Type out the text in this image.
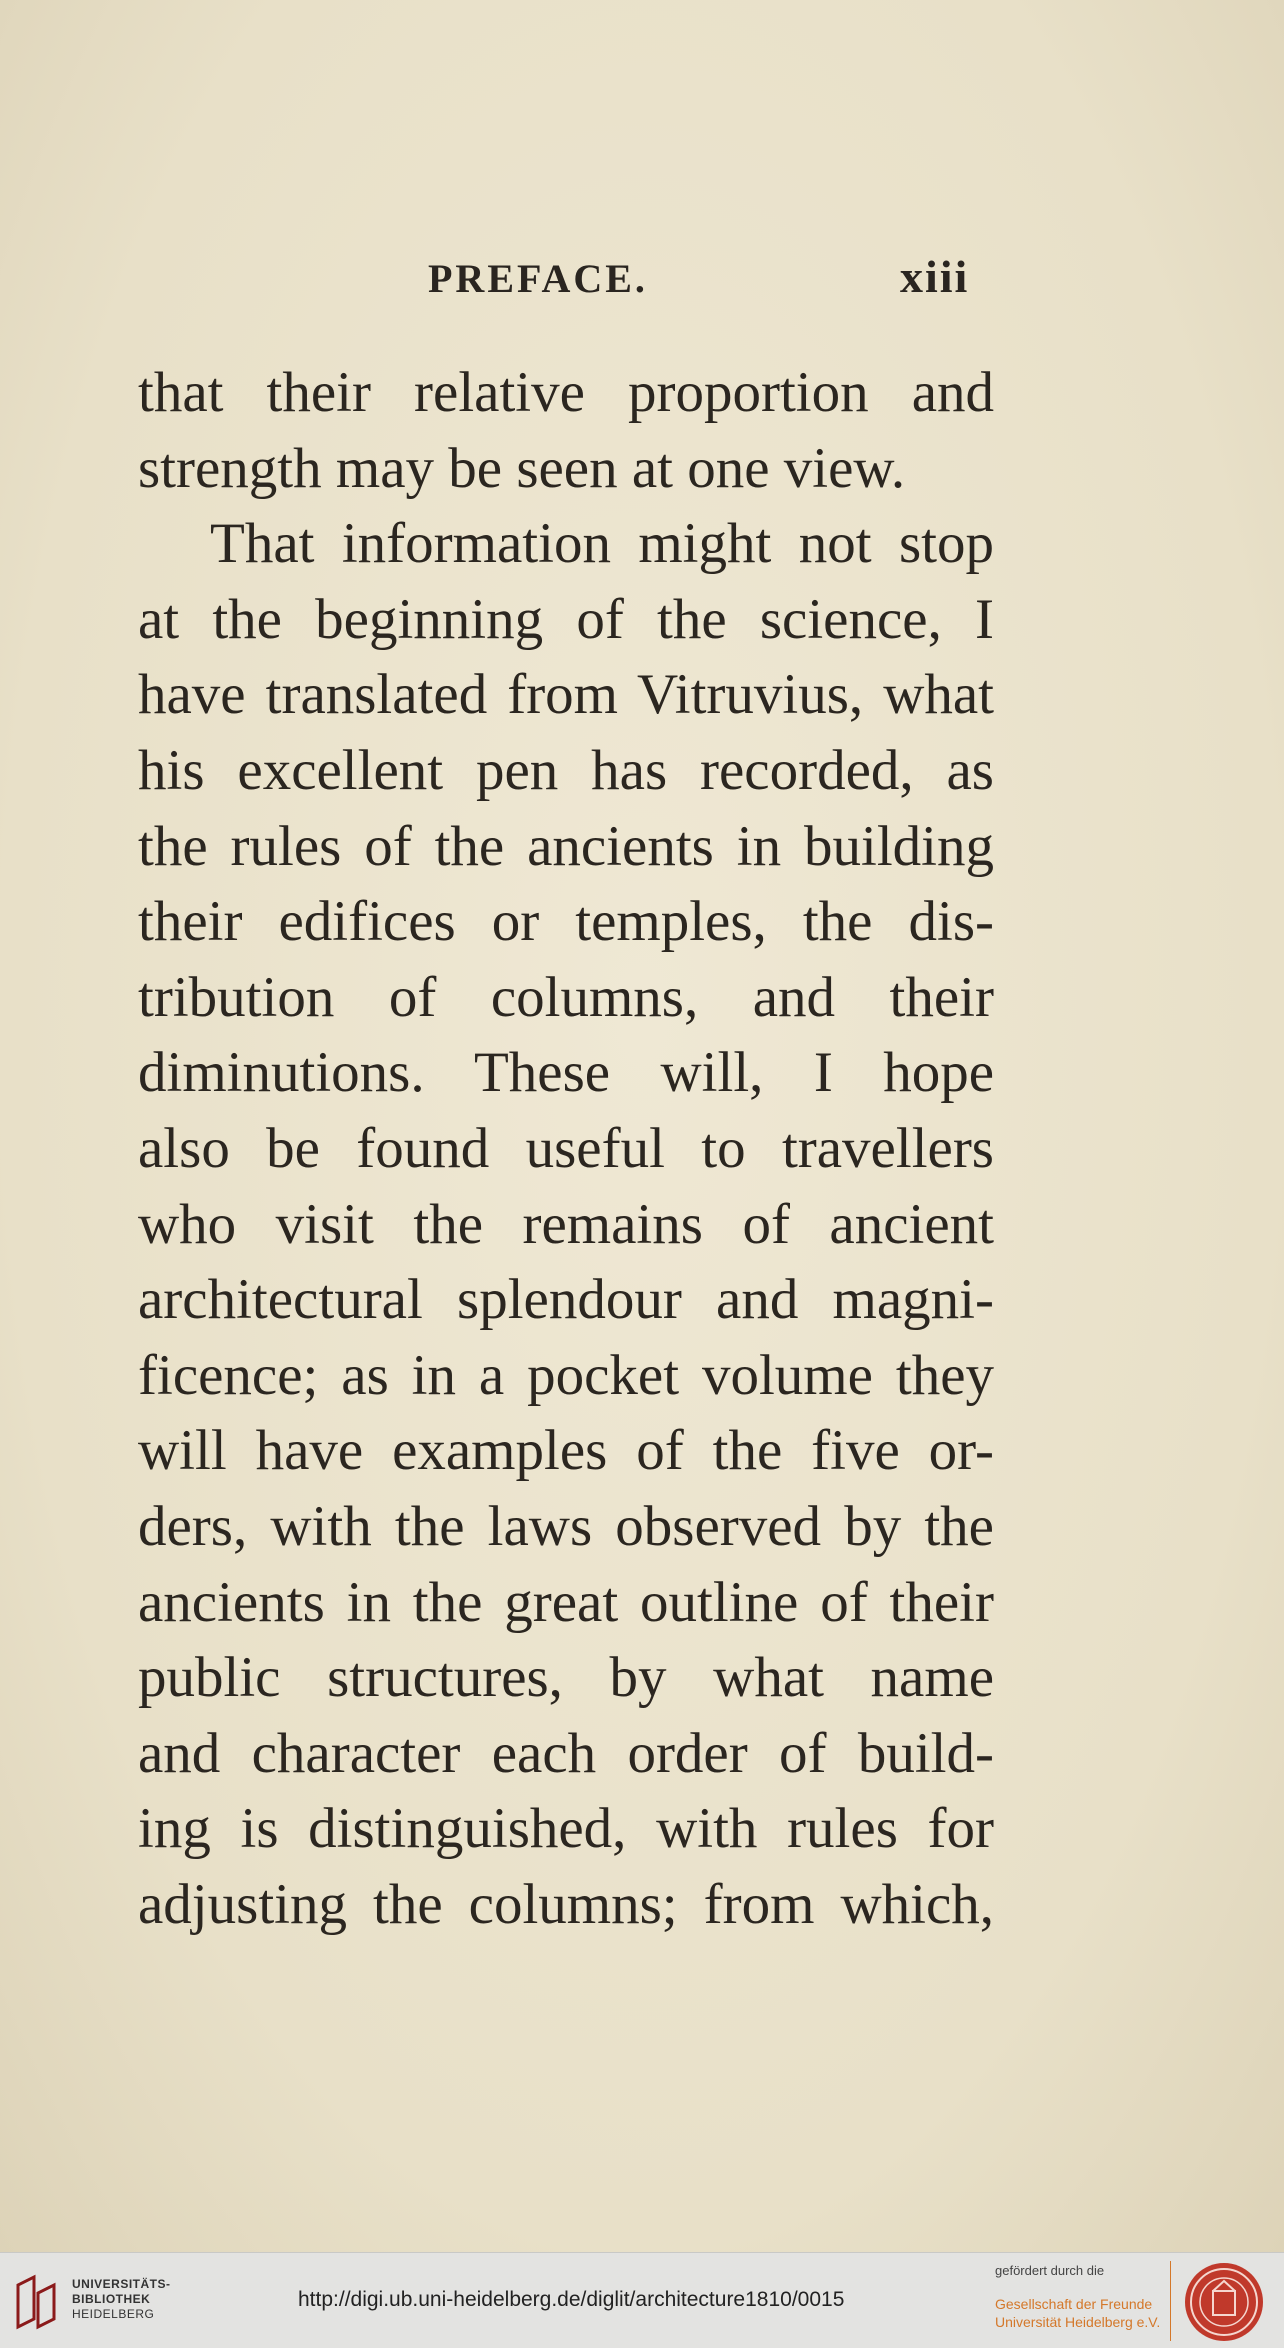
PREFACE.	xiii
that their relative proportion and
strength may be seen at one view.
That information might not stop
at the beginning of the science, I
have translated from Vitruvius, what
his excellent pen has recorded, as
the rules of the ancients in building
their edifices or temples, the dis-
tribution of columns, and their
diminutions. These will, I hope
also be found useful to travellers
who visit the remains of ancient
architectural splendour and magni-
ficence; as in a pocket volume they
will have examples of the five or-
ders, with the laws observed by the
ancients in the great outline of their
public structures, by what name
and character each order of build-
ing is distinguished, with rules for
adjusting the columns; from which,
UNIVERSITÄTS-
BIBLIOTHEK
HEIDELBERG
http://digi.ub.uni-heidelberg.de/diglit/architecture1810/0015
gefördert durch die
Gesellschaft der Freunde
Universität Heidelberg e.V.
